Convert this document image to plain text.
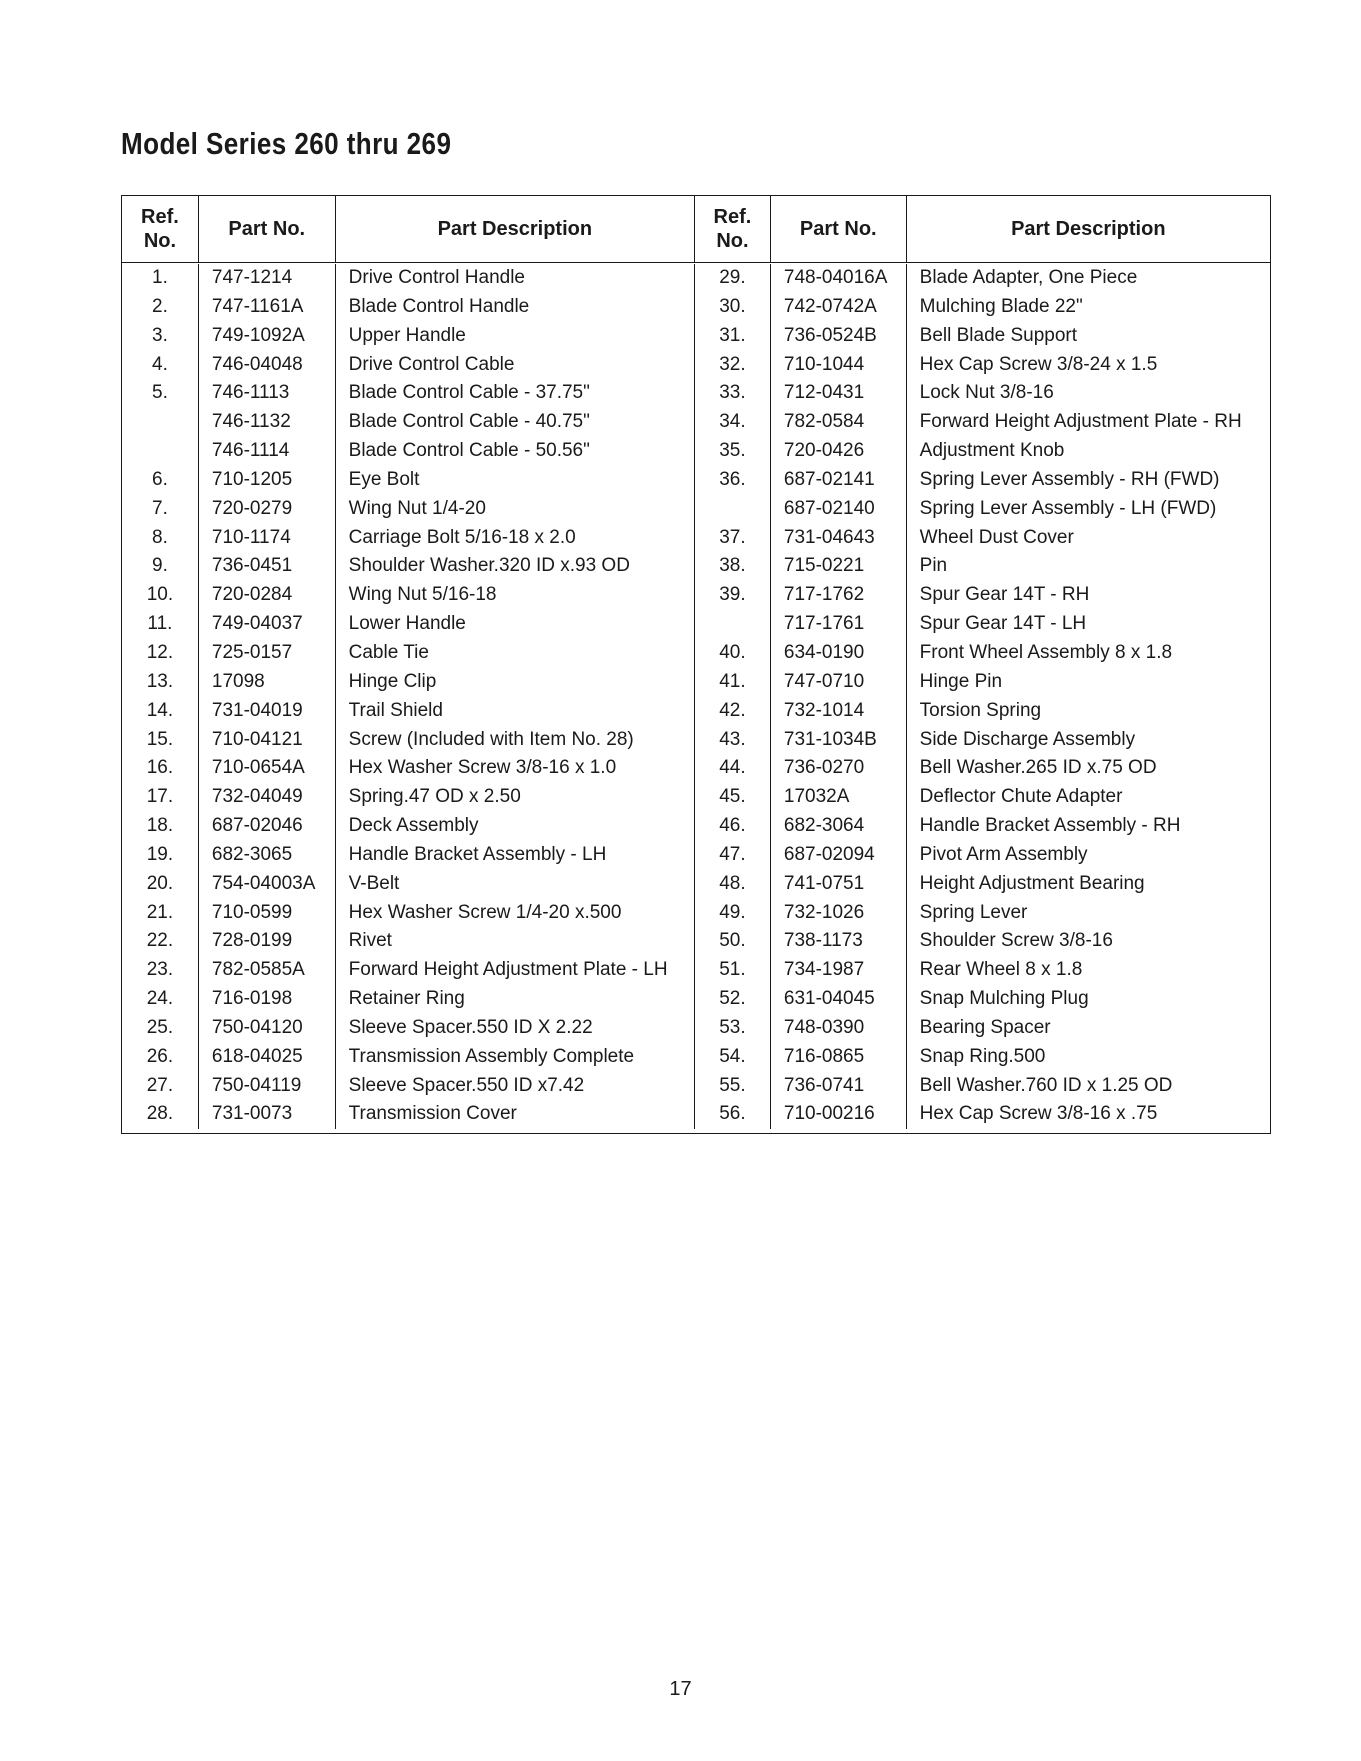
Model Series 260 thru 269
Ref.
No.
Part No.	Part Description
Ref.
No.
Part No.	Part Description
1.
2.
3.
4.
5.
6.
7.
8.
9.
10.
11.
12.
13.
14.
15.
16.
17.
18.
19.
20.
21.
22.
23.
24.
25.
26.
27.
28.
747-1214
747-1161A
749-1092A
746-04048
746-1113
746-1132
746-1114
710-1205
720-0279
710-1174
736-0451
720-0284
749-04037
725-0157
17098
731-04019
710-04121
710-0654A
732-04049
687-02046
682-3065
754-04003A
710-0599
728-0199
782-0585A
716-0198
750-04120
618-04025
750-04119
731-0073
Drive Control Handle
Blade Control Handle
Upper Handle
Drive Control Cable
Blade Control Cable - 37.75"
Blade Control Cable - 40.75"
Blade Control Cable - 50.56"
Eye Bolt
Wing Nut 1/4-20
Carriage Bolt 5/16-18 x 2.0
Shoulder Washer.320 ID x.93 OD
Wing Nut 5/16-18
Lower Handle
Cable Tie
Hinge Clip
Trail Shield
Screw (Included with Item No. 28)
Hex Washer Screw 3/8-16 x 1.0
Spring.47 OD x 2.50
Deck Assembly
Handle Bracket Assembly - LH
V-Belt
Hex Washer Screw 1/4-20 x.500
Rivet
Forward Height Adjustment Plate - LH
Retainer Ring
Sleeve Spacer.550 ID X 2.22
Transmission Assembly Complete
Sleeve Spacer.550 ID x7.42
Transmission Cover
29.
30.
31.
32.
33.
34.
35.
36.
37.
38.
39.
40.
41.
42.
43.
44.
45.
46.
47.
48.
49.
50.
51.
52.
53.
54.
55.
56.
748-04016A
742-0742A
736-0524B
710-1044
712-0431
782-0584
720-0426
687-02141
687-02140
731-04643
715-0221
717-1762
717-1761
634-0190
747-0710
732-1014
731-1034B
736-0270
17032A
682-3064
687-02094
741-0751
732-1026
738-1173
734-1987
631-04045
748-0390
716-0865
736-0741
710-00216
Blade Adapter, One Piece
Mulching Blade 22"
Bell Blade Support
Hex Cap Screw 3/8-24 x 1.5
Lock Nut 3/8-16
Forward Height Adjustment Plate - RH
Adjustment Knob
Spring Lever Assembly - RH (FWD)
Spring Lever Assembly - LH (FWD)
Wheel Dust Cover
Pin
Spur Gear 14T - RH
Spur Gear 14T - LH
Front Wheel Assembly 8 x 1.8
Hinge Pin
Torsion Spring
Side Discharge Assembly
Bell Washer.265 ID x.75 OD
Deflector Chute Adapter
Handle Bracket Assembly - RH
Pivot Arm Assembly
Height Adjustment Bearing
Spring Lever
Shoulder Screw 3/8-16
Rear Wheel 8 x 1.8
Snap Mulching Plug
Bearing Spacer
Snap Ring.500
Bell Washer.760 ID x 1.25 OD
Hex Cap Screw 3/8-16 x .75
17
